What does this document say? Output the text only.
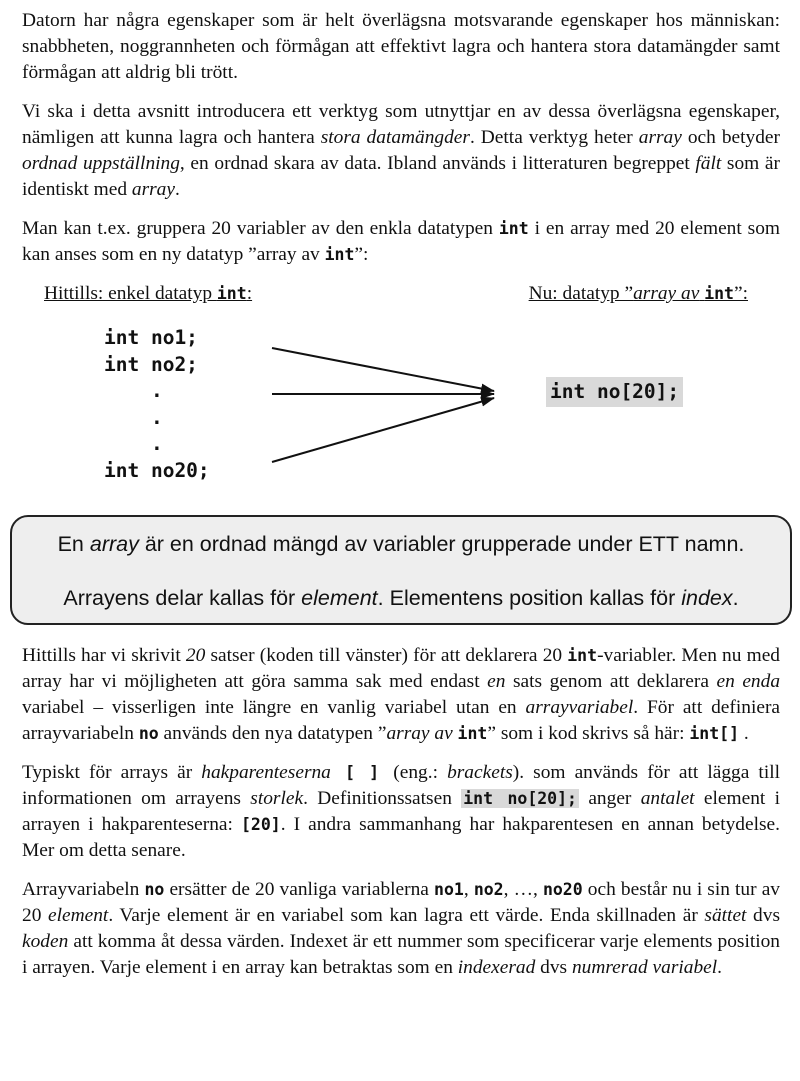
Datorn har några egenskaper som är helt överlägsna motsvarande egenskaper hos människan: snabbheten, noggrannheten och förmågan att effektivt lagra och hantera stora datamängder samt förmågan att aldrig bli trött.

Vi ska i detta avsnitt introducera ett verktyg som utnyttjar en av dessa överlägsna egenskaper, nämligen att kunna lagra och hantera stora datamängder. Detta verktyg heter array och betyder ordnad uppställning, en ordnad skara av data. Ibland används i litteraturen begreppet fält som är identiskt med array.

Man kan t.ex. gruppera 20 variabler av den enkla datatypen int i en array med 20 element som kan anses som en ny datatyp ”array av int”:

Hittills: enkel datatyp int:	Nu: datatyp ”array av int”:
int no1;
int no2;
.
.
.
int no20;
int no[20];
En array är en ordnad mängd av variabler grupperade under ETT namn.
Arrayens delar kallas för element. Elementens position kallas för index.

Hittills har vi skrivit 20 satser (koden till vänster) för att deklarera 20 int-variabler. Men nu med array har vi möjligheten att göra samma sak med endast en sats genom att deklarera en enda variabel – visserligen inte längre en vanlig variabel utan en arrayvariabel. För att definiera arrayvariabeln no används den nya datatypen ”array av int” som i kod skrivs så här: int[] .

Typiskt för arrays är hakparenteserna [ ] (eng.: brackets). som används för att lägga till informationen om arrayens storlek. Definitionssatsen int no[20]; anger antalet element i arrayen i hakparenteserna: [20]. I andra sammanhang har hakparentesen en annan betydelse. Mer om detta senare.

Arrayvariabeln no ersätter de 20 vanliga variablerna no1, no2, …, no20 och består nu i sin tur av 20 element. Varje element är en variabel som kan lagra ett värde. Enda skillnaden är sättet dvs koden att komma åt dessa värden. Indexet är ett nummer som specificerar varje elements position i arrayen. Varje element i en array kan betraktas som en indexerad dvs numrerad variabel.
